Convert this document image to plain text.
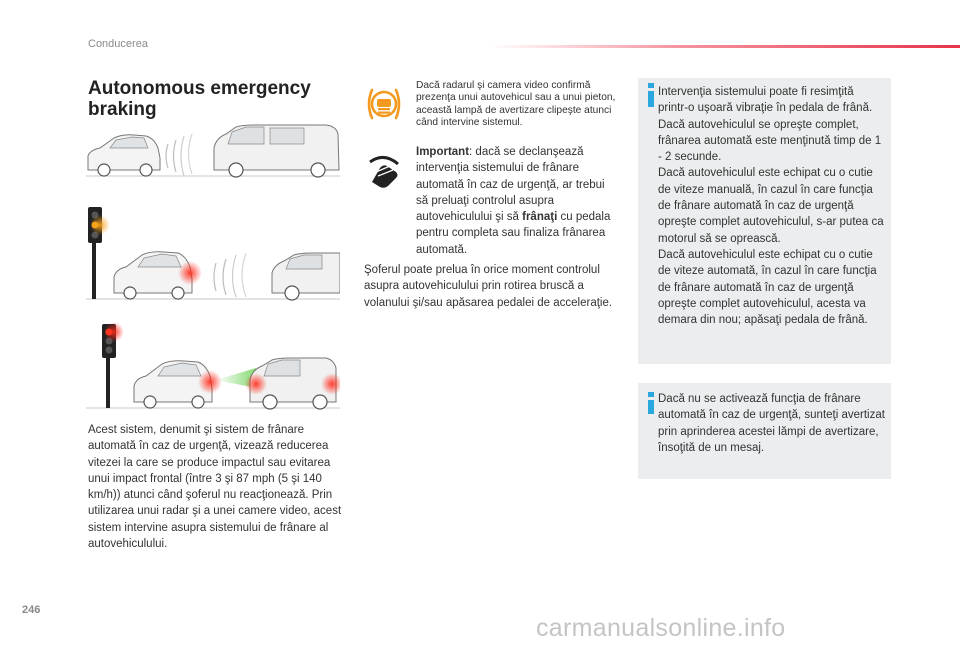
Conducerea
Autonomous emergency braking
Acest sistem, denumit şi sistem de frânare automată în caz de urgenţă, vizează reducerea vitezei la care se produce impactul sau evitarea unui impact frontal (între 3 şi 87 mph (5 şi 140 km/h)) atunci când şoferul nu reacţionează. Prin utilizarea unui radar şi a unei camere video, acest sistem intervine asupra sistemului de frânare al autovehiculului.
Dacă radarul şi camera video confirmă prezenţa unui autovehicul sau a unui pieton, această lampă de avertizare clipeşte atunci când intervine sistemul.
Important: dacă se declanşează intervenţia sistemului de frânare automată în caz de urgenţă, ar trebui să preluaţi controlul asupra autovehiculului şi să frânaţi cu pedala pentru completa sau finaliza frânarea automată.
Şoferul poate prelua în orice moment controlul asupra autovehiculului prin rotirea bruscă a volanului şi/sau apăsarea pedalei de acceleraţie.

Intervenţia sistemului poate fi resimţită printr-o uşoară vibraţie în pedala de frână.

Dacă autovehiculul se opreşte complet, frânarea automată este menţinută timp de 1 - 2 secunde.

Dacă autovehiculul este echipat cu o cutie de viteze manuală, în cazul în care funcţia de frânare automată în caz de urgenţă opreşte complet autovehiculul, s-ar putea ca motorul să se oprească.

Dacă autovehiculul este echipat cu o cutie de viteze automată, în cazul în care funcţia de frânare automată în caz de urgenţă opreşte complet autovehiculul, acesta va demara din nou; apăsaţi pedala de frână.

Dacă nu se activează funcţia de frânare automată în caz de urgenţă, sunteţi avertizat prin aprinderea acestei lămpi de avertizare, însoţită de un mesaj.
246
carmanualsonline.info
